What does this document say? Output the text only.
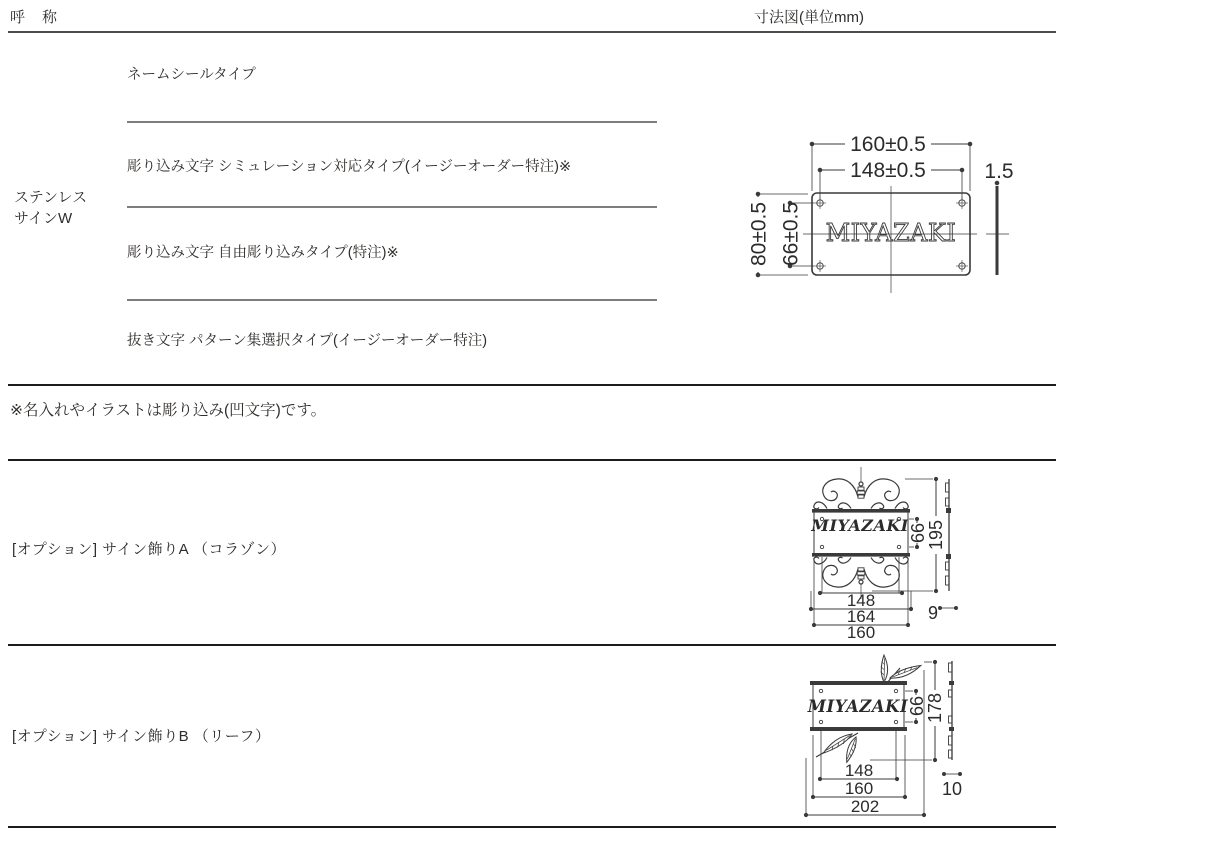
呼　称	寸法図(単位mm)
ステンレス
サインW
ネームシールタイプ
彫り込み文字 シミュレーション対応タイプ(イージーオーダー特注)※
彫り込み文字 自由彫り込みタイプ(特注)※
抜き文字 パターン集選択タイプ(イージーオーダー特注)
160±0.5
148±0.5	1.5
80±0.5 66±0.5 MIYAZAKI
※名入れやイラストは彫り込み(凹文字)です。
[オプション] サイン飾りA （コラゾン）
MIYAZAKI 66
195
148
164
160
9
[オプション] サイン飾りB （リーフ）
MIYAZAKI
66
178
148
160
202
10
